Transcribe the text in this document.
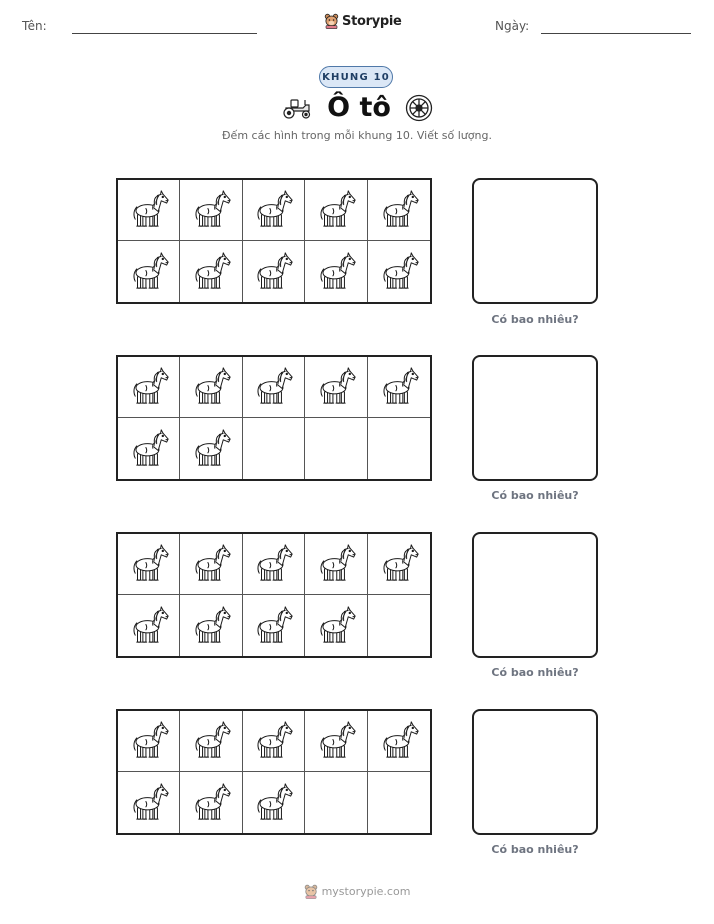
Tên:	Storypie	Ngày:
KHUNG 10
Ô tô
Đếm các hình trong mỗi khung 10. Viết số lượng.
Có bao nhiêu?
Có bao nhiêu?
Có bao nhiêu?
Có bao nhiêu?
mystorypie.com
